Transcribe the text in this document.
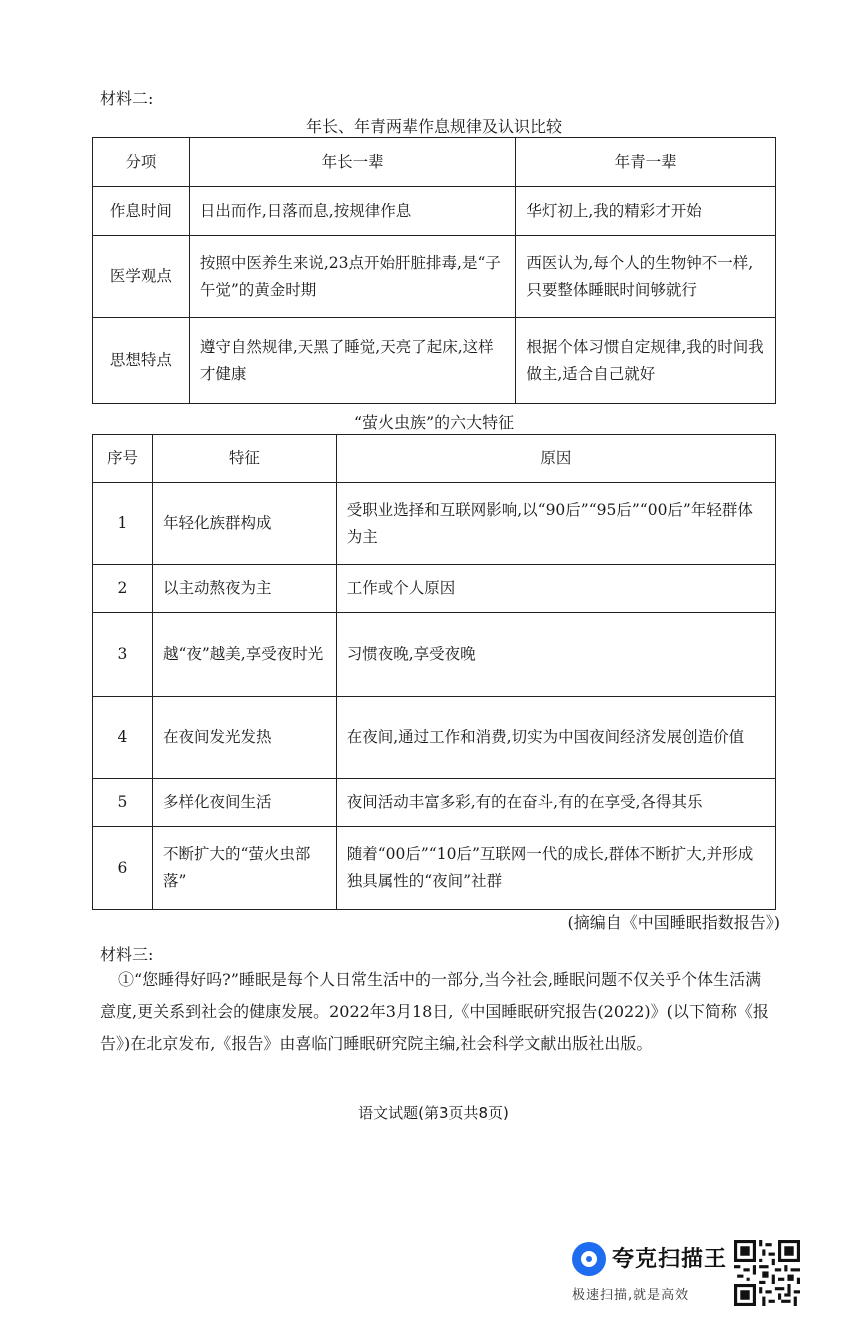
材料二:
年长、年青两辈作息规律及认识比较
分项	年长一辈	年青一辈
作息时间	日出而作,日落而息,按规律作息	华灯初上,我的精彩才开始
医学观点	按照中医养生来说,23点开始肝脏排毒,是“子午觉”的黄金时期	西医认为,每个人的生物钟不一样,只要整体睡眠时间够就行
思想特点	遵守自然规律,天黑了睡觉,天亮了起床,这样才健康	根据个体习惯自定规律,我的时间我做主,适合自己就好
“萤火虫族”的六大特征
序号	特征	原因
1	年轻化族群构成	受职业选择和互联网影响,以“90后”“95后”“00后”年轻群体为主
2	以主动熬夜为主	工作或个人原因
3	越“夜”越美,享受夜时光	习惯夜晚,享受夜晚
4	在夜间发光发热	在夜间,通过工作和消费,切实为中国夜间经济发展创造价值
5	多样化夜间生活	夜间活动丰富多彩,有的在奋斗,有的在享受,各得其乐
6	不断扩大的“萤火虫部落”	随着“00后”“10后”互联网一代的成长,群体不断扩大,并形成独具属性的“夜间”社群
(摘编自《中国睡眠指数报告》)
材料三:
①“您睡得好吗?”睡眠是每个人日常生活中的一部分,当今社会,睡眠问题不仅关乎个体生活满意度,更关系到社会的健康发展。2022年3月18日,《中国睡眠研究报告(2022)》(以下简称《报告》)在北京发布,《报告》由喜临门睡眠研究院主编,社会科学文献出版社出版。
语文试题(第3页共8页)
夸克扫描王
极速扫描,就是高效
